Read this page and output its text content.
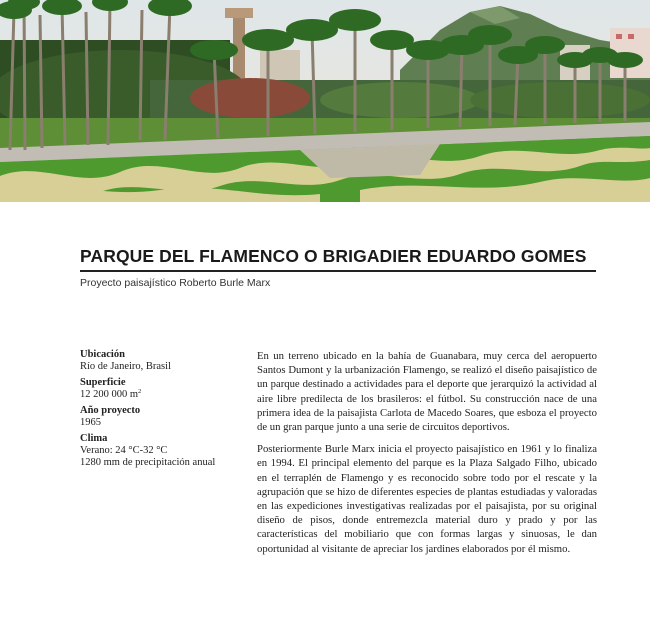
PARQUE DEL FLAMENCO O BRIGADIER EDUARDO GOMES
Proyecto paisajístico Roberto Burle Marx
Ubicación
Río de Janeiro, Brasil
Superficie
12 200 000 $m^2$
Año proyecto
1965
Clima
Verano: 24 °C-32 °C
1280 mm de precipitación anual

En un terreno ubicado en la bahía de Guanabara, muy cerca del aeropuerto Santos Dumont y la urbanización Flamengo, se realizó el diseño paisajístico de un parque destinado a actividades para el deporte que jerarquizó la actividad al aire libre predilecta de los brasileros: el fútbol. Su construcción nace de una primera idea de la paisajista Carlota de Macedo Soares, que esboza el proyecto de un gran parque junto a una serie de circuitos deportivos.

Posteriormente Burle Marx inicia el proyecto paisajístico en 1961 y lo finaliza en 1994. El principal elemento del parque es la Plaza Salgado Filho, ubicado en el terraplén de Flamengo y es reconocido sobre todo por el rescate y la agrupación que se hizo de diferentes especies de plantas estudiadas y valoradas en las expediciones investigativas realizadas por el paisajista, por su original diseño de pisos, donde entremezcla material duro y prado y por las características del mobiliario que con formas largas y sinuosas, le dan oportunidad al visitante de apreciar los jardines elaborados por él mismo.
